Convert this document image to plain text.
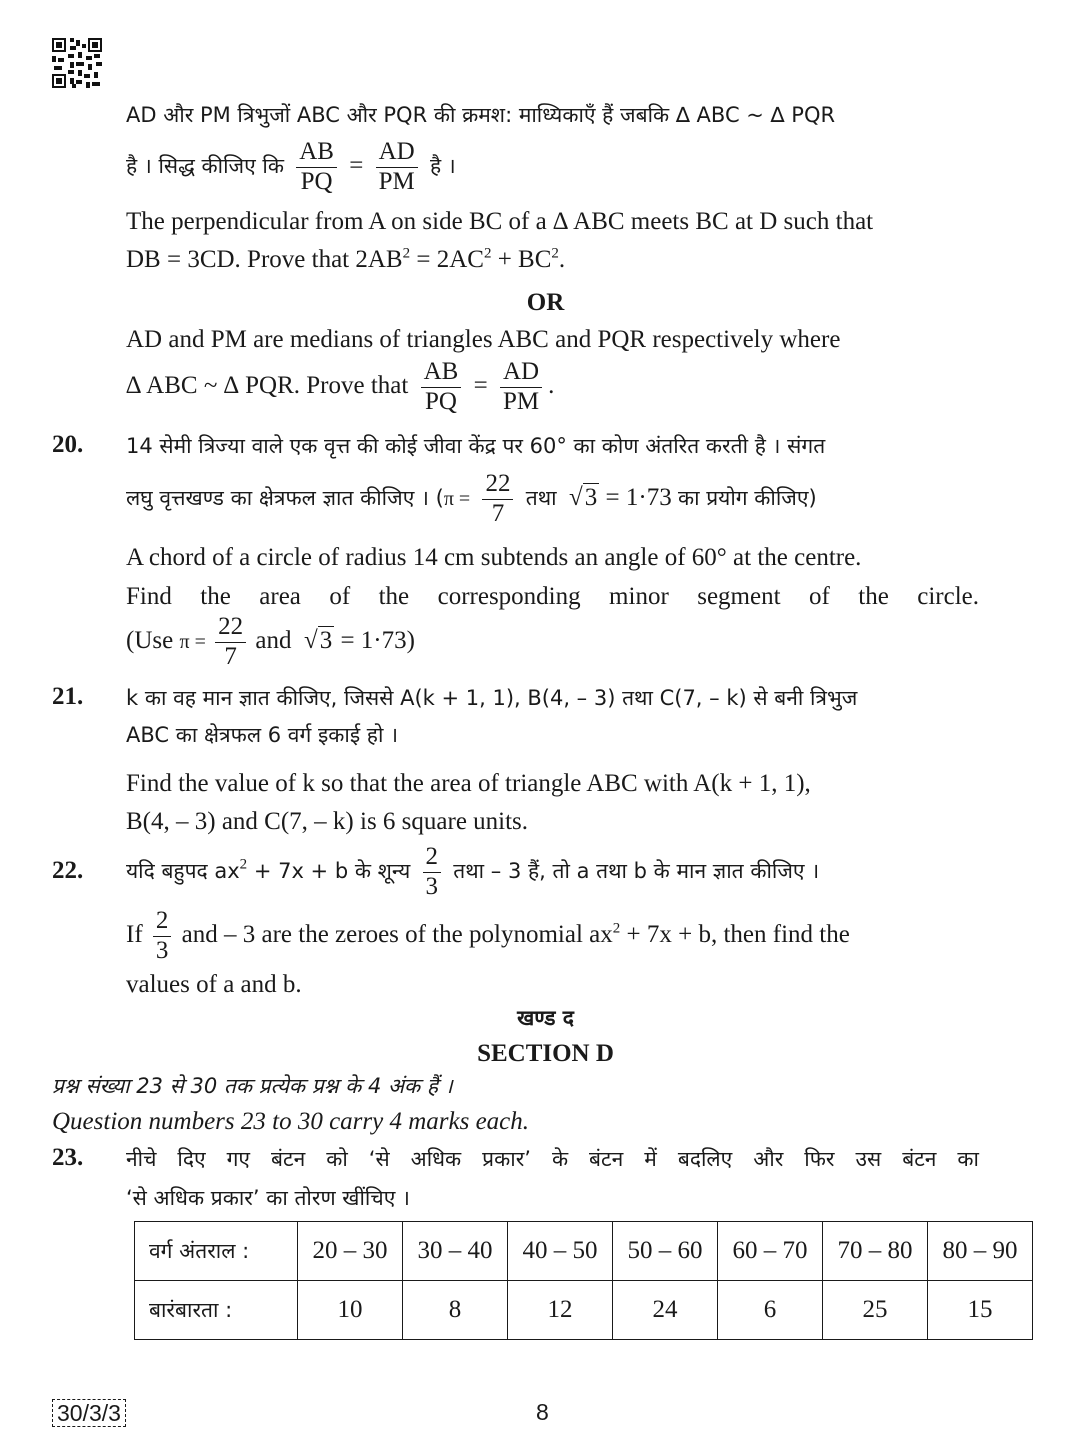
AD और PM त्रिभुजों ABC और PQR की क्रमश: माध्यिकाएँ हैं जबकि ∆ ABC ~ ∆ PQR
है । सिद्ध कीजिए कि $\frac{AB}{PQ} = \frac{AD}{PM}$ है ।
The perpendicular from A on side BC of a ∆ ABC meets BC at D such that
DB = 3CD. Prove that $2AB^2 = 2AC^2 + BC^2$.
OR
AD and PM are medians of triangles ABC and PQR respectively where
∆ ABC ~ ∆ PQR. Prove that $\frac{AB}{PQ} = \frac{AD}{PM}$ .
20. 14 सेमी त्रिज्या वाले एक वृत्त की कोई जीवा केंद्र पर 60° का कोण अंतरित करती है । संगत
लघु वृत्तखण्ड का क्षेत्रफल ज्ञात कीजिए । ($\pi = \frac{22}{7}$ तथा  √3 = 1·73 का प्रयोग कीजिए)
A chord of a circle of radius 14 cm subtends an angle of 60° at the centre.
Find the area of the corresponding minor segment of the circle.
(Use $\pi = \frac{22}{7}$ and  √3 = 1·73)
21. k का वह मान ज्ञात कीजिए, जिससे A(k + 1, 1), B(4, – 3) तथा C(7, – k) से बनी त्रिभुज
ABC का क्षेत्रफल 6 वर्ग इकाई हो ।
Find the value of k so that the area of triangle ABC with A(k + 1, 1),
B(4, – 3) and C(7, – k) is 6 square units.
22. यदि बहुपद $ax^2 + 7x + b$ के शून्य $\frac{2}{3}$ तथा – 3 हैं, तो a तथा b के मान ज्ञात कीजिए ।
If $\frac{2}{3}$ and – 3 are the zeroes of the polynomial $ax^2 + 7x + b$, then find the
values of a and b.
खण्ड द
SECTION D
प्रश्न संख्या 23 से 30 तक प्रत्येक प्रश्न के 4 अंक हैं ।
Question numbers 23 to 30 carry 4 marks each.
23. नीचे दिए गए बंटन को ‘से अधिक प्रकार’ के बंटन में बदलिए और फिर उस बंटन का
‘से अधिक प्रकार’ का तोरण खींचिए ।
वर्ग अंतराल :	20 – 30	30 – 40	40 – 50	50 – 60	60 – 70	70 – 80	80 – 90
बारंबारता :	10	8	12	24	6	25	15
30/3/3	8
